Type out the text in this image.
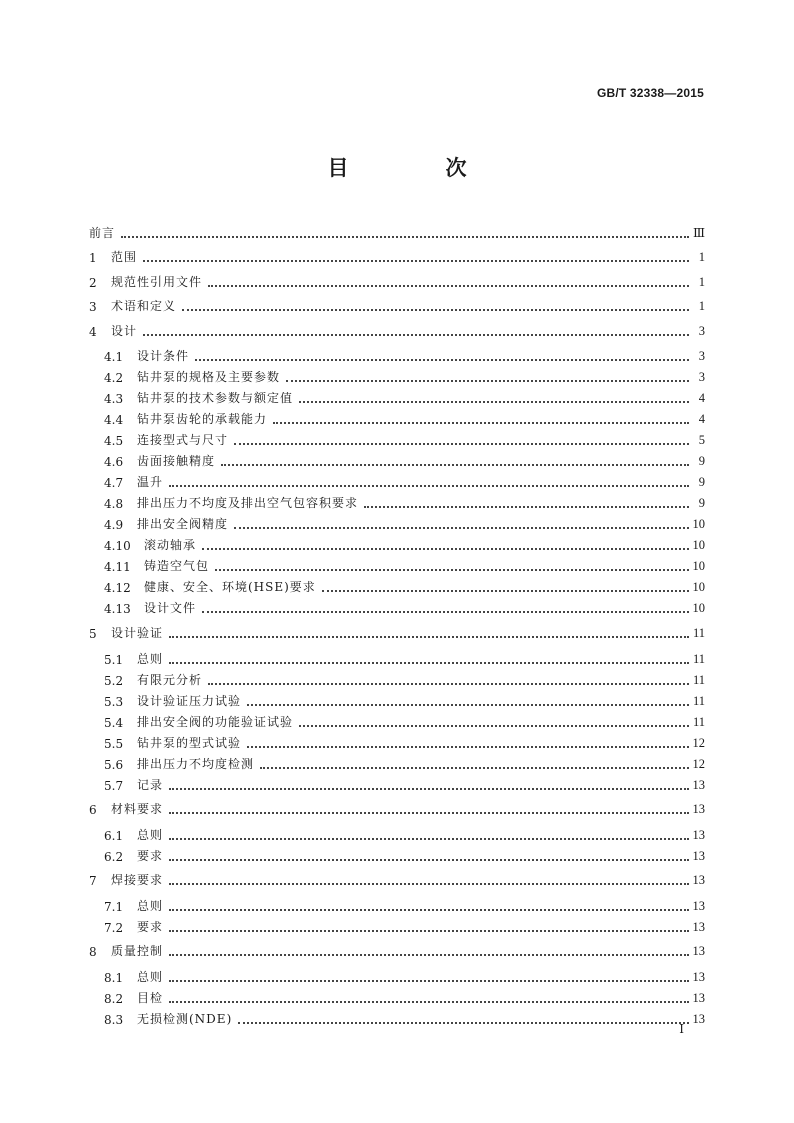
GB/T 32338—2015
目　次
前言	Ⅲ
1	范围	1
2	规范性引用文件	1
3	术语和定义	1
4	设计	3
4.1	设计条件	3
4.2	钻井泵的规格及主要参数	3
4.3	钻井泵的技术参数与额定值	4
4.4	钻井泵齿轮的承载能力	4
4.5	连接型式与尺寸	5
4.6	齿面接触精度	9
4.7	温升	9
4.8	排出压力不均度及排出空气包容积要求	9
4.9	排出安全阀精度	10
4.10	滚动轴承	10
4.11	铸造空气包	10
4.12	健康、安全、环境(HSE)要求	10
4.13	设计文件	10
5	设计验证	11
5.1	总则	11
5.2	有限元分析	11
5.3	设计验证压力试验	11
5.4	排出安全阀的功能验证试验	11
5.5	钻井泵的型式试验	12
5.6	排出压力不均度检测	12
5.7	记录	13
6	材料要求	13
6.1	总则	13
6.2	要求	13
7	焊接要求	13
7.1	总则	13
7.2	要求	13
8	质量控制	13
8.1	总则	13
8.2	目检	13
8.3	无损检测(NDE)	13
I
